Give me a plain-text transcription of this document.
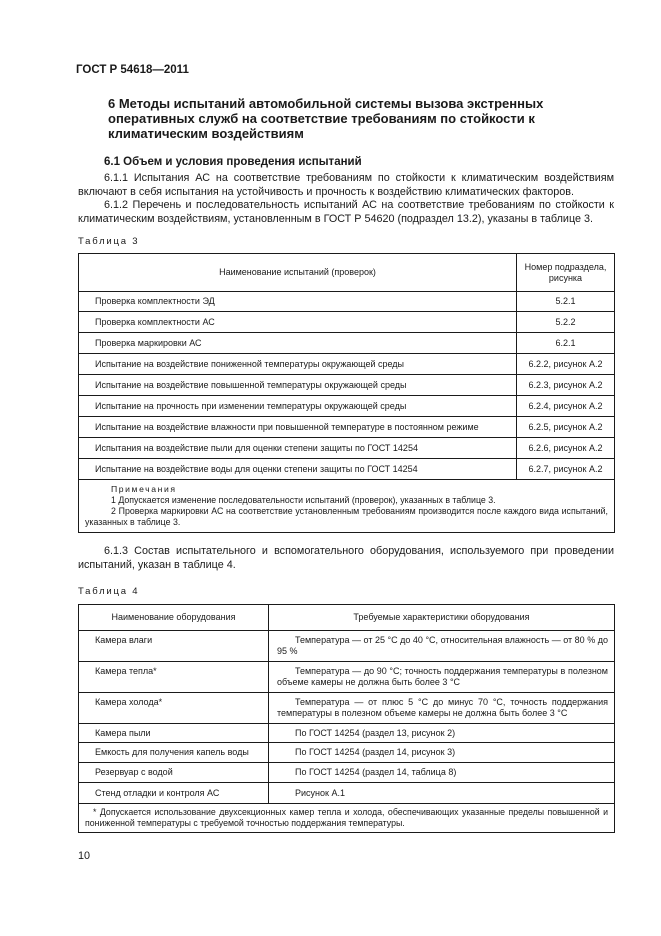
ГОСТ Р 54618—2011
6 Методы испытаний автомобильной системы вызова экстренных оперативных служб на соответствие требованиям по стойкости к климатическим воздействиям
6.1 Объем и условия проведения испытаний
6.1.1 Испытания АС на соответствие требованиям по стойкости к климатическим воздействиям включают в себя испытания на устойчивость и прочность к воздействию климатических факторов.
6.1.2 Перечень и последовательность испытаний АС на соответствие требованиям по стойкости к климатическим воздействиям, установленным в ГОСТ Р 54620 (подраздел 13.2), указаны в таблице 3.
Таблица 3
Наименование испытаний (проверок)	Номер подраздела, рисунка
Проверка комплектности ЭД	5.2.1
Проверка комплектности АС	5.2.2
Проверка маркировки АС	6.2.1
Испытание на воздействие пониженной температуры окружающей среды	6.2.2, рисунок А.2
Испытание на воздействие повышенной температуры окружающей среды	6.2.3, рисунок А.2
Испытание на прочность при изменении температуры окружающей среды	6.2.4, рисунок А.2
Испытание на воздействие влажности при повышенной температуре в постоянном режиме	6.2.5, рисунок А.2
Испытания на воздействие пыли для оценки степени защиты по ГОСТ 14254	6.2.6, рисунок А.2
Испытание на воздействие воды для оценки степени защиты по ГОСТ 14254	6.2.7, рисунок А.2

Примечания
1 Допускается изменение последовательности испытаний (проверок), указанных в таблице 3.
2 Проверка маркировки АС на соответствие установленным требованиям производится после каждого вида испытаний, указанных в таблице 3.	
6.1.3 Состав испытательного и вспомогательного оборудования, используемого при проведении испытаний, указан в таблице 4.
Таблица 4
Наименование оборудования	Требуемые характеристики оборудования
Камера влаги	Температура — от 25 °С до 40 °С, относительная влажность — от 80 % до 95 %

Камера тепла*	Температура — до 90 °С; точность поддержания температуры в полезном объеме камеры не должна быть более 3 °С

Камера холода*	Температура — от плюс 5 °С до минус 70 °С, точность поддержания температуры в полезном объеме камеры не должна быть более 3 °С

Камера пыли	По ГОСТ 14254 (раздел 13, рисунок 2)

Емкость для получения капель воды	По ГОСТ 14254 (раздел 14, рисунок 3)

Резервуар с водой	По ГОСТ 14254 (раздел 14, таблица 8)

Стенд отладки и контроля АС	Рисунок А.1

* Допускается использование двухсекционных камер тепла и холода, обеспечивающих указанные пределы повышенной и пониженной температуры с требуемой точностью поддержания температуры.	
10
